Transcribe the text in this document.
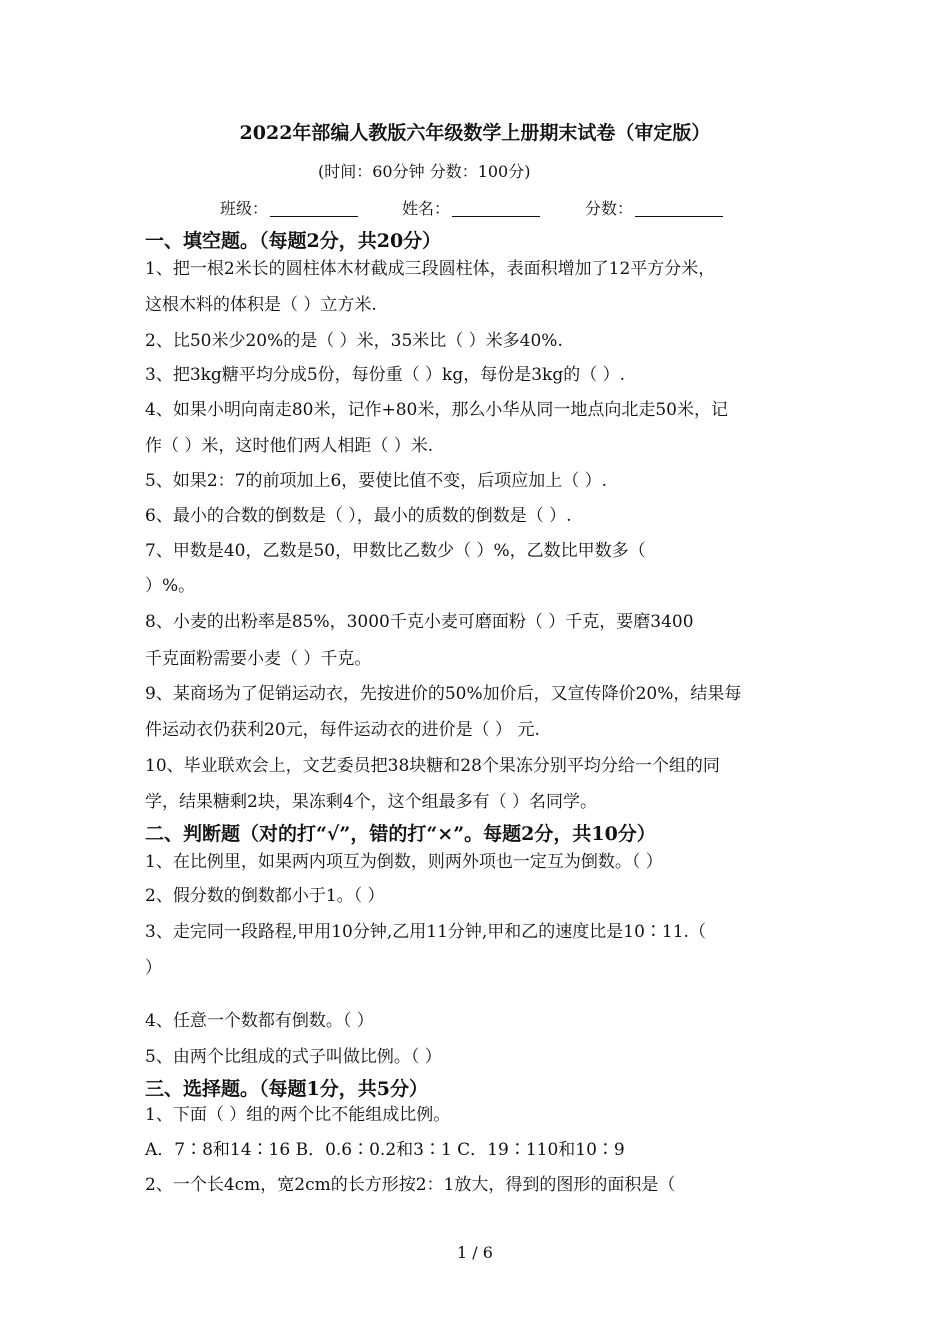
2022年部编人教版六年级数学上册期末试卷（审定版）
(时间：60分钟 分数：100分)
班级：	姓名：	分数：
一、填空题。（每题2分，共20分）
1、把一根2米长的圆柱体木材截成三段圆柱体，表面积增加了12平方分米，
这根木料的体积是（ ）立方米.
2、比50米少20%的是（ ）米，35米比（ ）米多40%.
3、把3kg糖平均分成5份，每份重（ ）kg，每份是3kg的（ ）.
4、如果小明向南走80米，记作+80米，那么小华从同一地点向北走50米，记
作（ ）米，这时他们两人相距（ ）米.
5、如果2：7的前项加上6，要使比值不变，后项应加上（ ）.
6、最小的合数的倒数是（ ），最小的质数的倒数是（ ）.
7、甲数是40，乙数是50，甲数比乙数少（ ）%，乙数比甲数多（
）%。
8、小麦的出粉率是85%，3000千克小麦可磨面粉（ ）千克，要磨3400
千克面粉需要小麦（ ）千克。
9、某商场为了促销运动衣，先按进价的50%加价后，又宣传降价20%，结果每
件运动衣仍获利20元，每件运动衣的进价是（ ） 元.
10、毕业联欢会上，文艺委员把38块糖和28个果冻分别平均分给一个组的同
学，结果糖剩2块，果冻剩4个，这个组最多有（ ）名同学。
二、判断题（对的打“√”，错的打“×”。每题2分，共10分）
1、在比例里，如果两内项互为倒数，则两外项也一定互为倒数。（ ）
2、假分数的倒数都小于1。（ ）
3、走完同一段路程,甲用10分钟,乙用11分钟,甲和乙的速度比是10∶11.（
）
4、任意一个数都有倒数。（ ）
5、由两个比组成的式子叫做比例。（ ）
三、选择题。（每题1分，共5分）
1、下面（ ）组的两个比不能组成比例。
A．7∶8和14∶16 B．0.6∶0.2和3∶1 C．19∶110和10∶9
2、一个长4cm，宽2cm的长方形按2：1放大，得到的图形的面积是（
1 / 6
